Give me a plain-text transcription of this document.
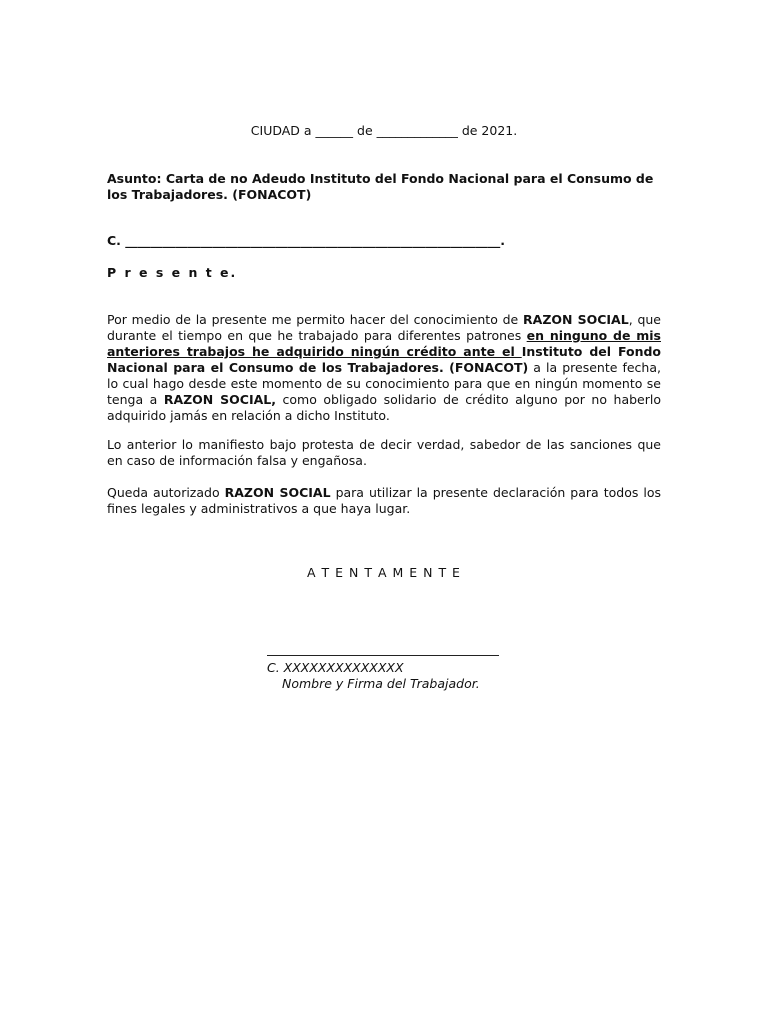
CIUDAD a ______ de _____________ de 2021.
Asunto: Carta de no Adeudo Instituto del Fondo Nacional para el Consumo de
los Trabajadores. (FONACOT)
C. ____________________________________________________________.
P r e s e n t e.
Por medio de la presente me permito hacer del conocimiento de RAZON SOCIAL, que durante el tiempo en que he trabajado para diferentes patrones en ninguno de mis anteriores trabajos he adquirido ningún crédito ante el Instituto del Fondo Nacional para el Consumo de los Trabajadores. (FONACOT) a la presente fecha, lo cual hago desde este momento de su conocimiento para que en ningún momento se tenga a RAZON SOCIAL, como obligado solidario de crédito alguno por no haberlo adquirido jamás en relación a dicho Instituto.
Lo anterior lo manifiesto bajo protesta de decir verdad, sabedor de las sanciones que en caso de información falsa y engañosa.
Queda autorizado RAZON SOCIAL para utilizar la presente declaración para todos los fines legales y administrativos a que haya lugar.
A T E N T A M E N T E
C. XXXXXXXXXXXXXX
Nombre y Firma del Trabajador.
